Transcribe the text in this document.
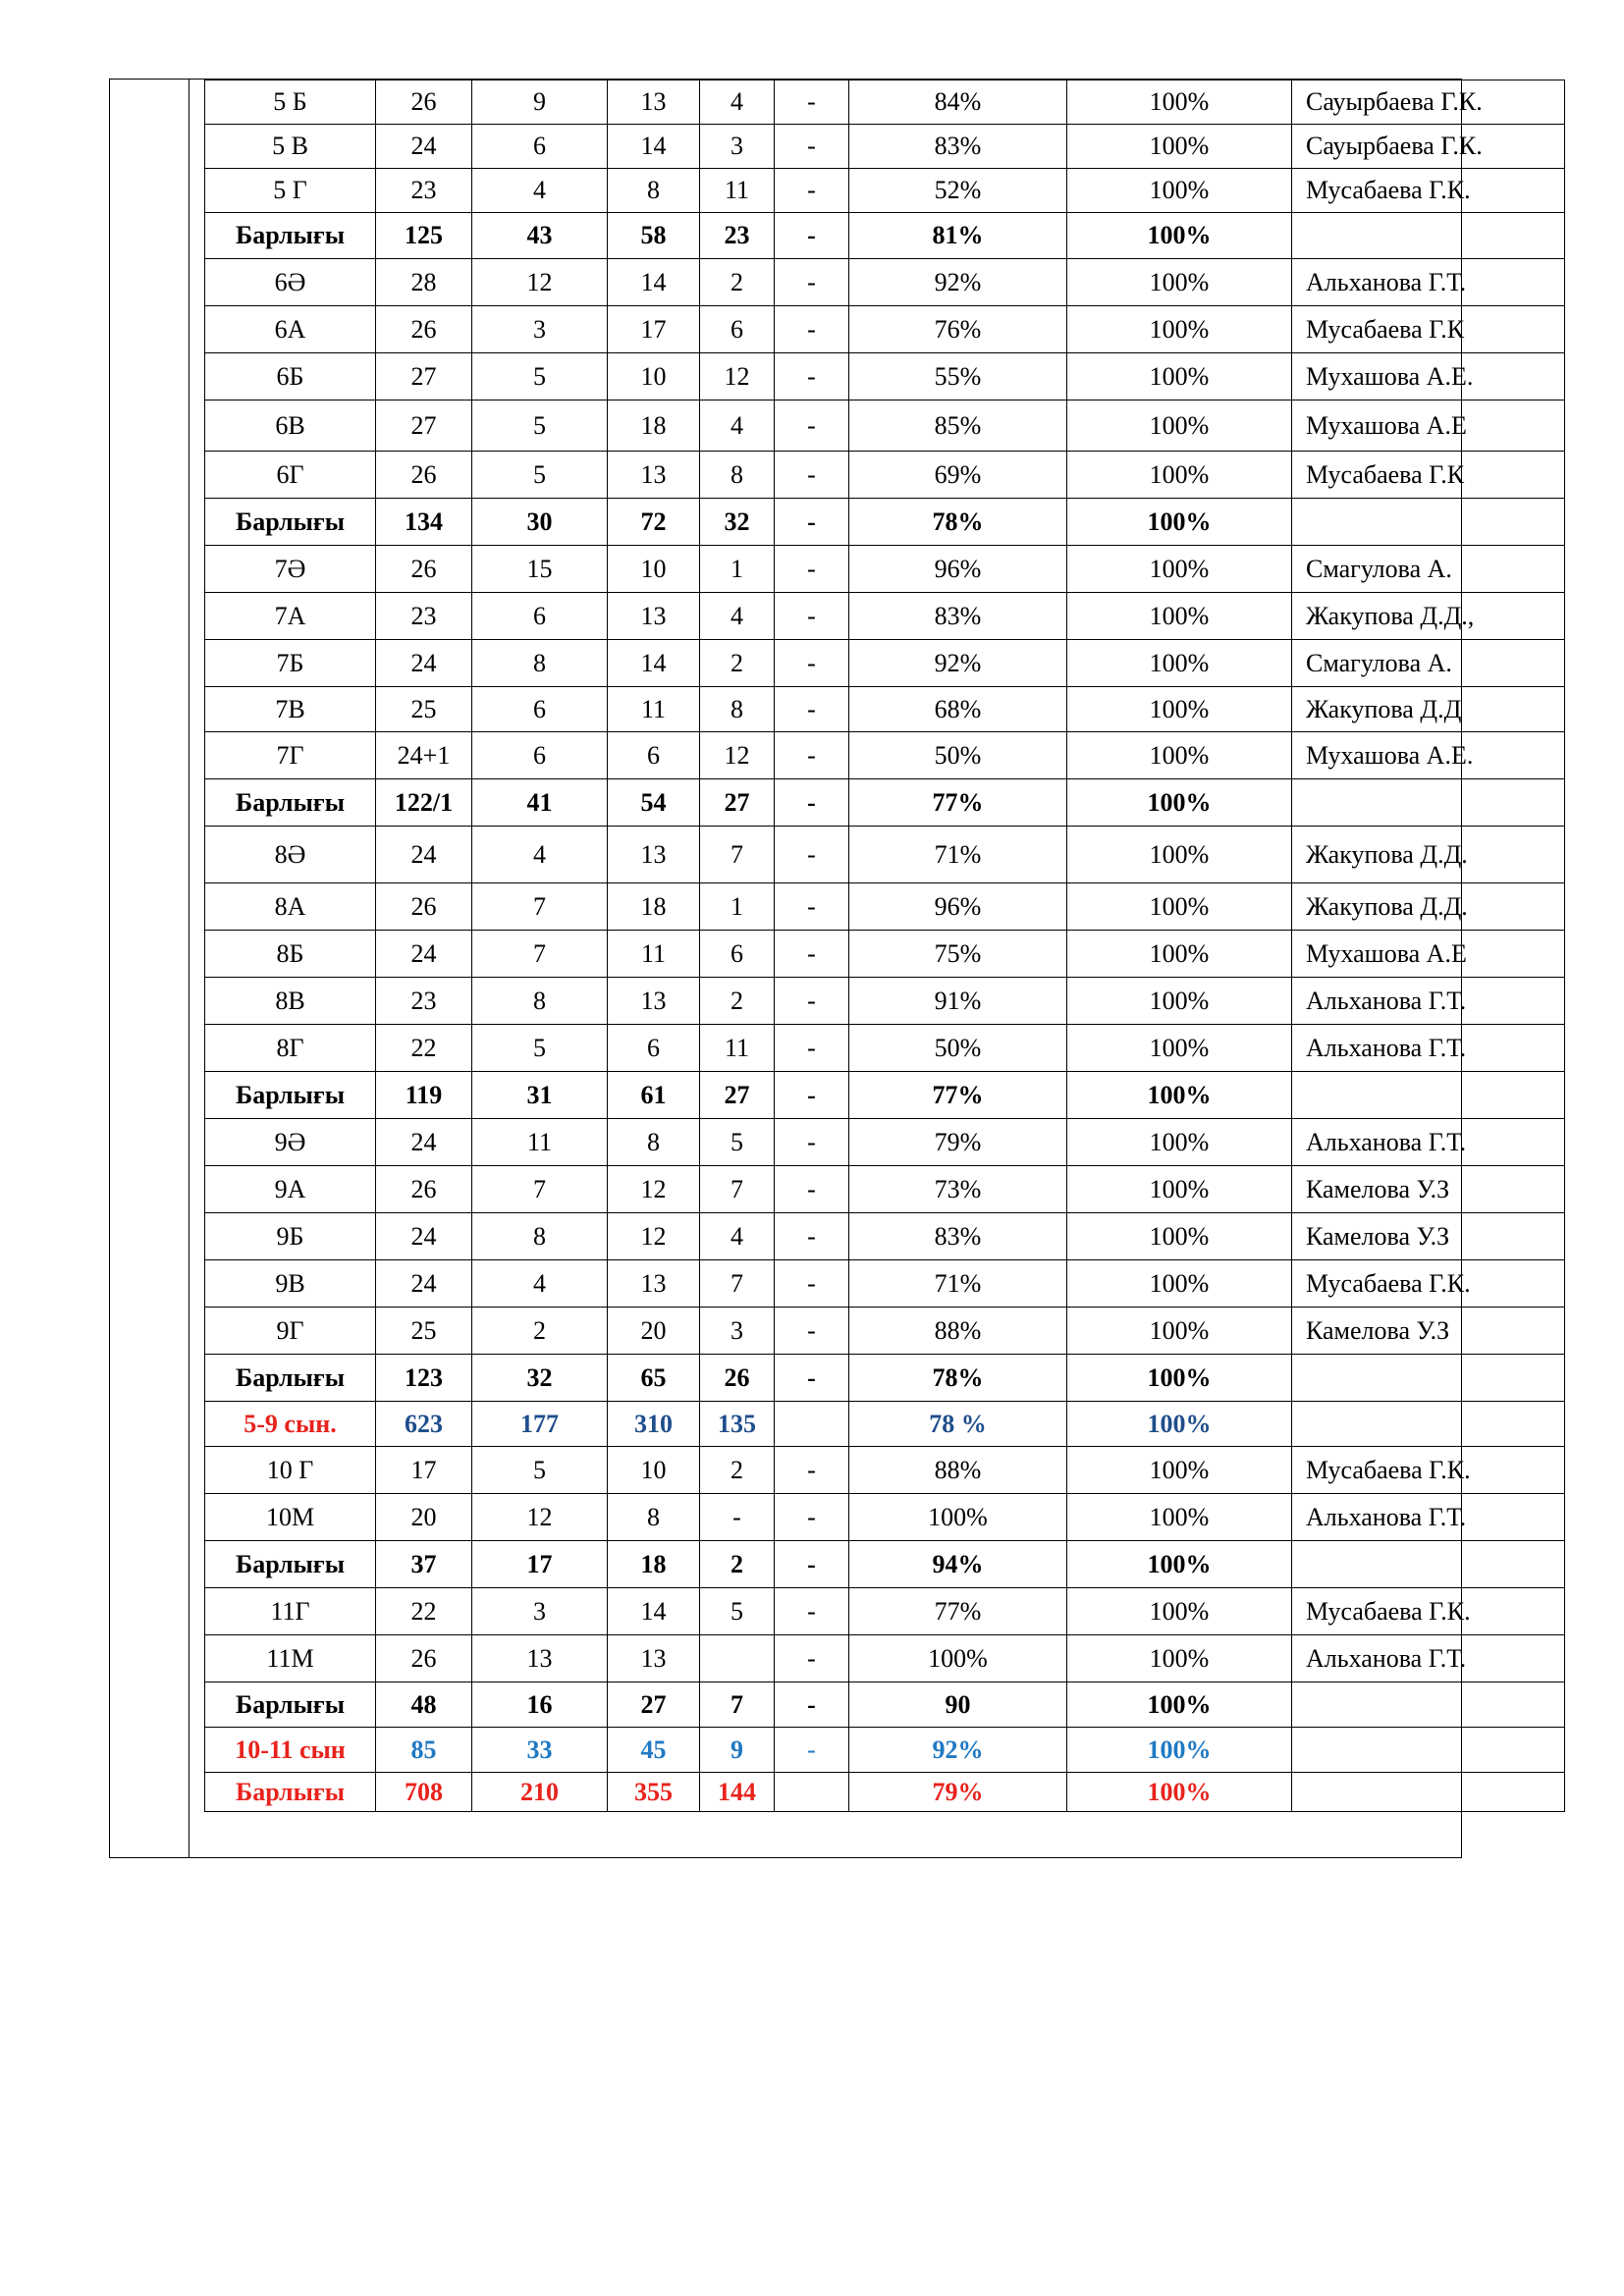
5 Б	26	9	13	4	-	84%	100%	Сауырбаева Г.К.
5 В	24	6	14	3	-	83%	100%	Сауырбаева Г.К.
5 Г	23	4	8	11	-	52%	100%	Мусабаева Г.К.
Барлығы	125	43	58	23	-	81%	100%	
6Ә	28	12	14	2	-	92%	100%	Альханова Г.Т.
6А	26	3	17	6	-	76%	100%	Мусабаева Г.К
6Б	27	5	10	12	-	55%	100%	Мухашова А.Е.
6В	27	5	18	4	-	85%	100%	Мухашова А.Е
6Г	26	5	13	8	-	69%	100%	Мусабаева Г.К
Барлығы	134	30	72	32	-	78%	100%	
7Ә	26	15	10	1	-	96%	100%	Смагулова А.
7А	23	6	13	4	-	83%	100%	Жакупова Д.Д.,
7Б	24	8	14	2	-	92%	100%	Смагулова А.
7В	25	6	11	8	-	68%	100%	Жакупова Д.Д
7Г	24+1	6	6	12	-	50%	100%	Мухашова А.Е.
Барлығы	122/1	41	54	27	-	77%	100%	
8Ә	24	4	13	7	-	71%	100%	Жакупова Д.Д.
8А	26	7	18	1	-	96%	100%	Жакупова Д.Д.
8Б	24	7	11	6	-	75%	100%	Мухашова А.Е
8В	23	8	13	2	-	91%	100%	Альханова Г.Т.
8Г	22	5	6	11	-	50%	100%	Альханова Г.Т.
Барлығы	119	31	61	27	-	77%	100%	
9Ә	24	11	8	5	-	79%	100%	Альханова Г.Т.
9А	26	7	12	7	-	73%	100%	Камелова У.З
9Б	24	8	12	4	-	83%	100%	Камелова У.З
9В	24	4	13	7	-	71%	100%	Мусабаева Г.К.
9Г	25	2	20	3	-	88%	100%	Камелова У.З
Барлығы	123	32	65	26	-	78%	100%	
5-9 сын.	623	177	310	135		78 %	100%	
10 Г	17	5	10	2	-	88%	100%	Мусабаева Г.К.
10М	20	12	8	-	-	100%	100%	Альханова Г.Т.
Барлығы	37	17	18	2	-	94%	100%	
11Г	22	3	14	5	-	77%	100%	Мусабаева Г.К.
11М	26	13	13		-	100%	100%	Альханова Г.Т.
Барлығы	48	16	27	7	-	90	100%	
10-11 сын	85	33	45	9	-	92%	100%	
Барлығы	708	210	355	144		79%	100%	
